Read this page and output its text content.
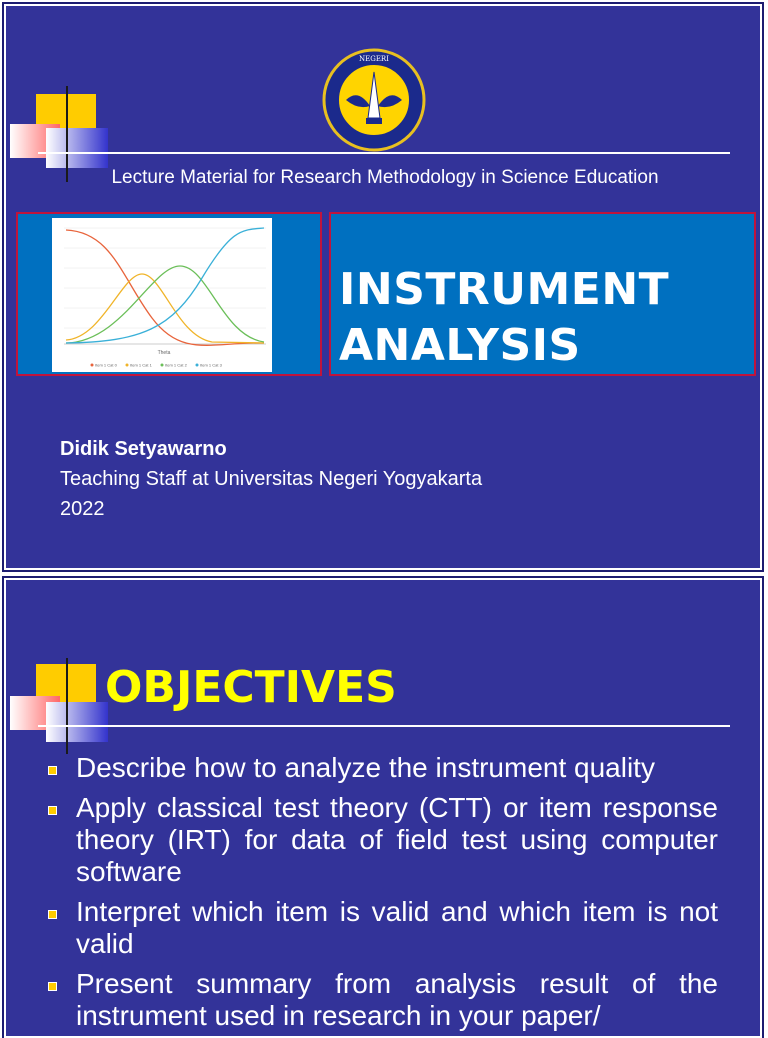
NEGERI
Lecture Material for Research Methodology in Science Education
Theta
Item 1 Cat 0	Item 1 Cat 1	Item 1 Cat 2	Item 1 Cat 3
INSTRUMENT
ANALYSIS
Didik Setyawarno
Teaching Staff at Universitas Negeri Yogyakarta
2022
OBJECTIVES
Describe how to analyze the instrument quality
Apply classical test theory (CTT) or item response theory (IRT) for data of field test using computer software
Interpret which item is valid and which item is not valid
Present summary from analysis result of the instrument used in research in your paper/
